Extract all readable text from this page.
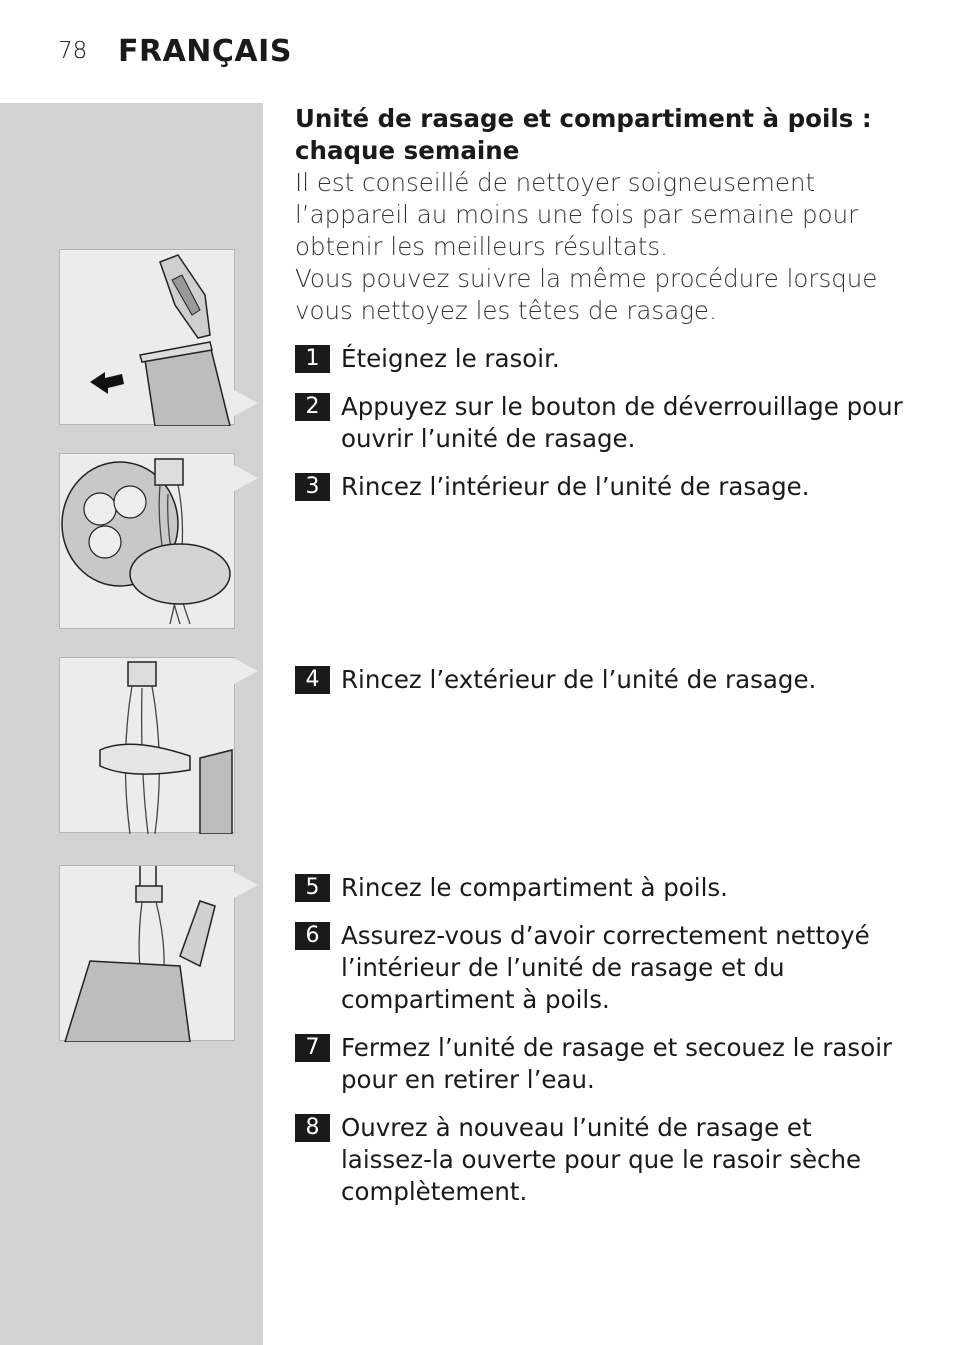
78 FRANÇAIS
Unité de rasage et compartiment à poils : chaque semaine

Il est conseillé de nettoyer soigneusement l’appareil au moins une fois par semaine pour obtenir les meilleurs résultats.

Vous pouvez suivre la même procédure lorsque vous nettoyez les têtes de rasage.

1 Éteignez le rasoir.
2 Appuyez sur le bouton de déverrouillage pour ouvrir l’unité de rasage.
3 Rincez l’intérieur de l’unité de rasage.
4 Rincez l’extérieur de l’unité de rasage.
5 Rincez le compartiment à poils.
6 Assurez-vous d’avoir correctement nettoyé l’intérieur de l’unité de rasage et du compartiment à poils.
7 Fermez l’unité de rasage et secouez le rasoir pour en retirer l’eau.
8 Ouvrez à nouveau l’unité de rasage et laissez-la ouverte pour que le rasoir sèche complètement.
